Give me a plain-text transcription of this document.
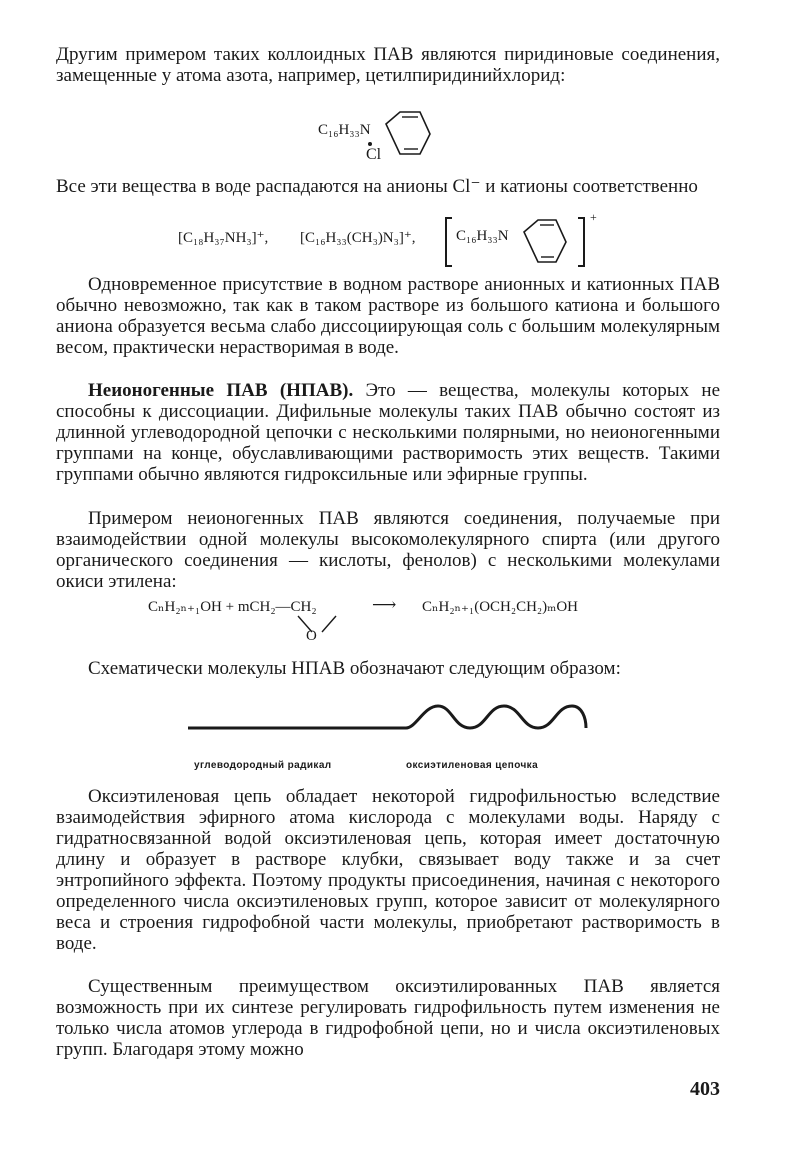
Другим примером таких коллоидных ПАВ являются пиридиновые соединения, замещенные у атома азота, например, цетилпиридинийхлорид:
C₁₆H₃₃N
Cl
Все эти вещества в воде распадаются на анионы Cl⁻ и катионы соответственно
[C₁₈H₃₇NH₃]⁺, [C₁₆H₃₃(CH₃)N₃]⁺,	C₁₆H₃₃N
+
Одновременное присутствие в водном растворе анионных и катионных ПАВ обычно невозможно, так как в таком растворе из большого катиона и большого аниона образуется весьма слабо диссоциирующая соль с большим молекулярным весом, практически нерастворимая в воде.
Неионогенные ПАВ (НПАВ). Это — вещества, молекулы которых не способны к диссоциации. Дифильные молекулы таких ПАВ обычно состоят из длинной углеводородной цепочки с несколькими полярными, но неионогенными группами на конце, обуславливающими растворимость этих веществ. Такими группами обычно являются гидроксильные или эфирные группы.
Примером неионогенных ПАВ являются соединения, получаемые при взаимодействии одной молекулы высокомолекулярного спирта (или другого органического соединения — кислоты, фенолов) с несколькими молекулами окиси этилена:
CₙH₂ₙ₊₁OH + mCH₂—CH₂	⟶ CₙH₂ₙ₊₁(OCH₂CH₂)ₘOH
O
Схематически молекулы НПАВ обозначают следующим образом:
углеводородный радикал	оксиэтиленовая цепочка
Оксиэтиленовая цепь обладает некоторой гидрофильностью вследствие взаимодействия эфирного атома кислорода с молекулами воды. Наряду с гидратносвязанной водой оксиэтиленовая цепь, которая имеет достаточную длину и образует в растворе клубки, связывает воду также и за счет энтропийного эффекта. Поэтому продукты присоединения, начиная с некоторого определенного числа оксиэтиленовых групп, которое зависит от молекулярного веса и строения гидрофобной части молекулы, приобретают растворимость в воде.
Существенным преимуществом оксиэтилированных ПАВ является возможность при их синтезе регулировать гидрофильность путем изменения не только числа атомов углерода в гидрофобной цепи, но и числа оксиэтиленовых групп. Благодаря этому можно
403
